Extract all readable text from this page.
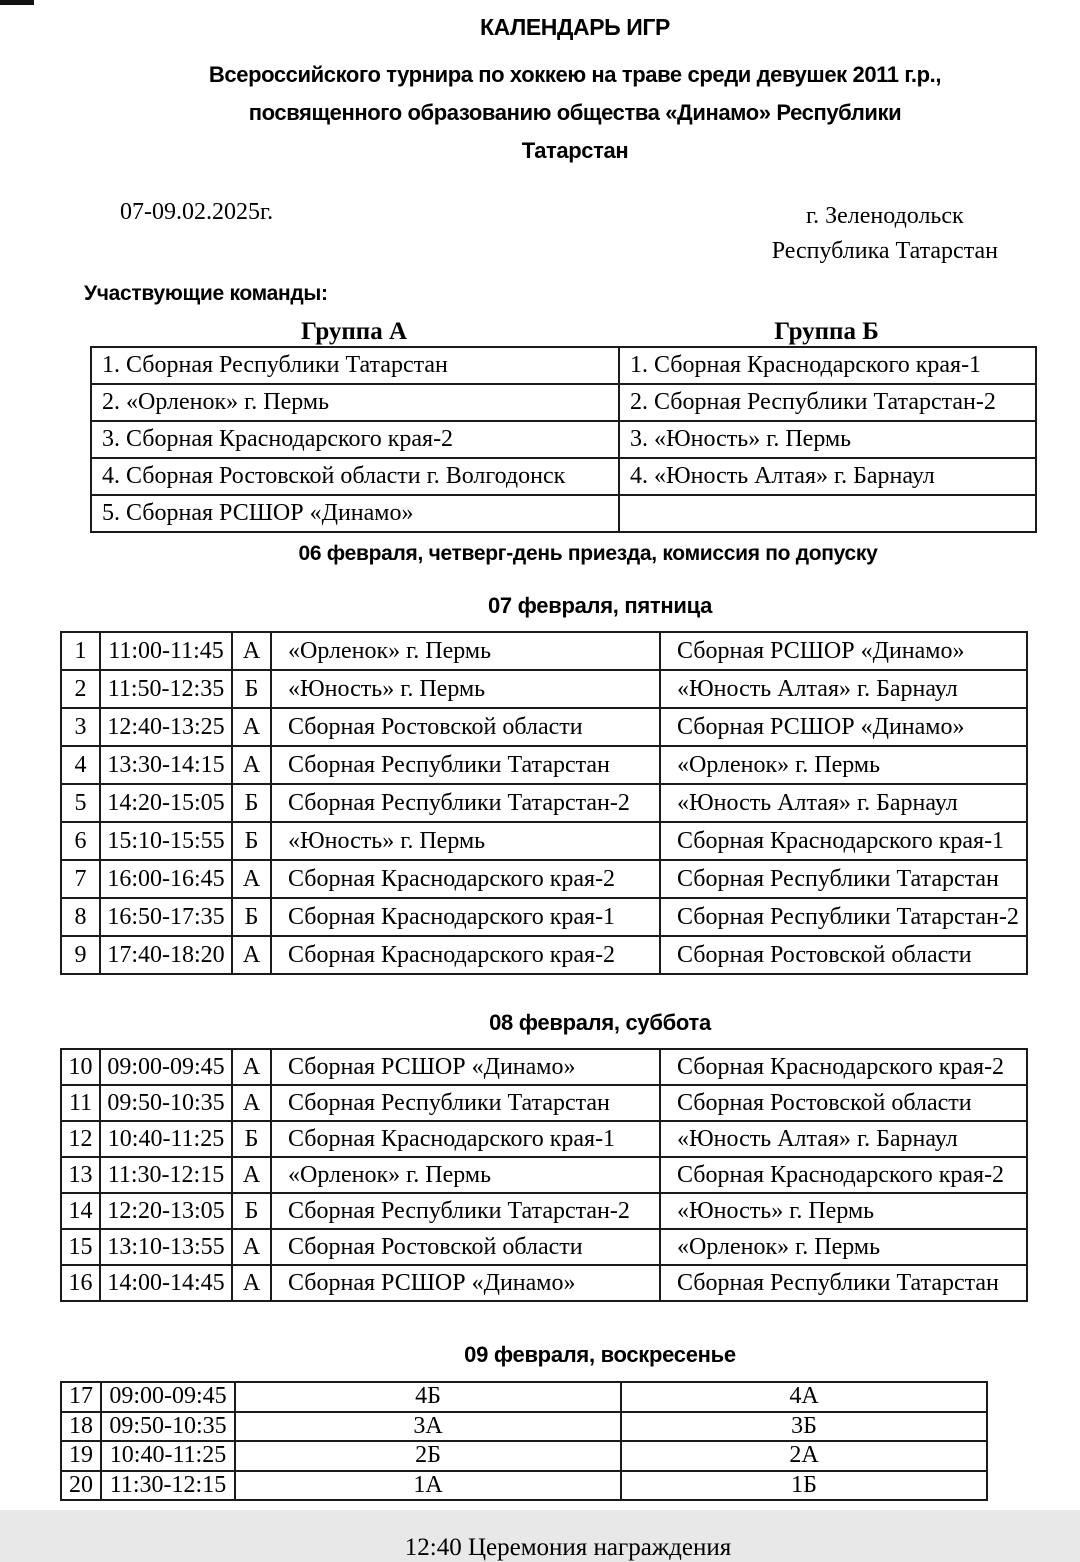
КАЛЕНДАРЬ ИГР
Всероссийского турнира по хоккею на траве среди девушек 2011 г.р.,
посвященного образованию общества «Динамо» Республики
Татарстан
07-09.02.2025г.	г. Зеленодольск
Республика Татарстан
Участвующие команды:
Группа А	Группа Б
1. Сборная Республики Татарстан	1. Сборная Краснодарского края-1
2. «Орленок» г. Пермь	2. Сборная Республики Татарстан-2
3. Сборная Краснодарского края-2	3. «Юность» г. Пермь
4. Сборная Ростовской области г. Волгодонск	4. «Юность Алтая» г. Барнаул
5. Сборная РСШОР «Динамо»	
06 февраля, четверг-день приезда, комиссия по допуску
07 февраля, пятница
1	11:00-11:45	А	«Орленок» г. Пермь	Сборная РСШОР «Динамо»
2	11:50-12:35	Б	«Юность» г. Пермь	«Юность Алтая» г. Барнаул
3	12:40-13:25	А	Сборная Ростовской области	Сборная РСШОР «Динамо»
4	13:30-14:15	А	Сборная Республики Татарстан	«Орленок» г. Пермь
5	14:20-15:05	Б	Сборная Республики Татарстан-2	«Юность Алтая» г. Барнаул
6	15:10-15:55	Б	«Юность» г. Пермь	Сборная Краснодарского края-1
7	16:00-16:45	А	Сборная Краснодарского края-2	Сборная Республики Татарстан
8	16:50-17:35	Б	Сборная Краснодарского края-1	Сборная Республики Татарстан-2
9	17:40-18:20	А	Сборная Краснодарского края-2	Сборная Ростовской области
08 февраля, суббота
10	09:00-09:45	А	Сборная РСШОР «Динамо»	Сборная Краснодарского края-2
11	09:50-10:35	А	Сборная Республики Татарстан	Сборная Ростовской области
12	10:40-11:25	Б	Сборная Краснодарского края-1	«Юность Алтая» г. Барнаул
13	11:30-12:15	А	«Орленок» г. Пермь	Сборная Краснодарского края-2
14	12:20-13:05	Б	Сборная Республики Татарстан-2	«Юность» г. Пермь
15	13:10-13:55	А	Сборная Ростовской области	«Орленок» г. Пермь
16	14:00-14:45	А	Сборная РСШОР «Динамо»	Сборная Республики Татарстан
09 февраля, воскресенье
17	09:00-09:45	4Б	4А
18	09:50-10:35	3А	3Б
19	10:40-11:25	2Б	2А
20	11:30-12:15	1А	1Б
12:40 Церемония награждения
